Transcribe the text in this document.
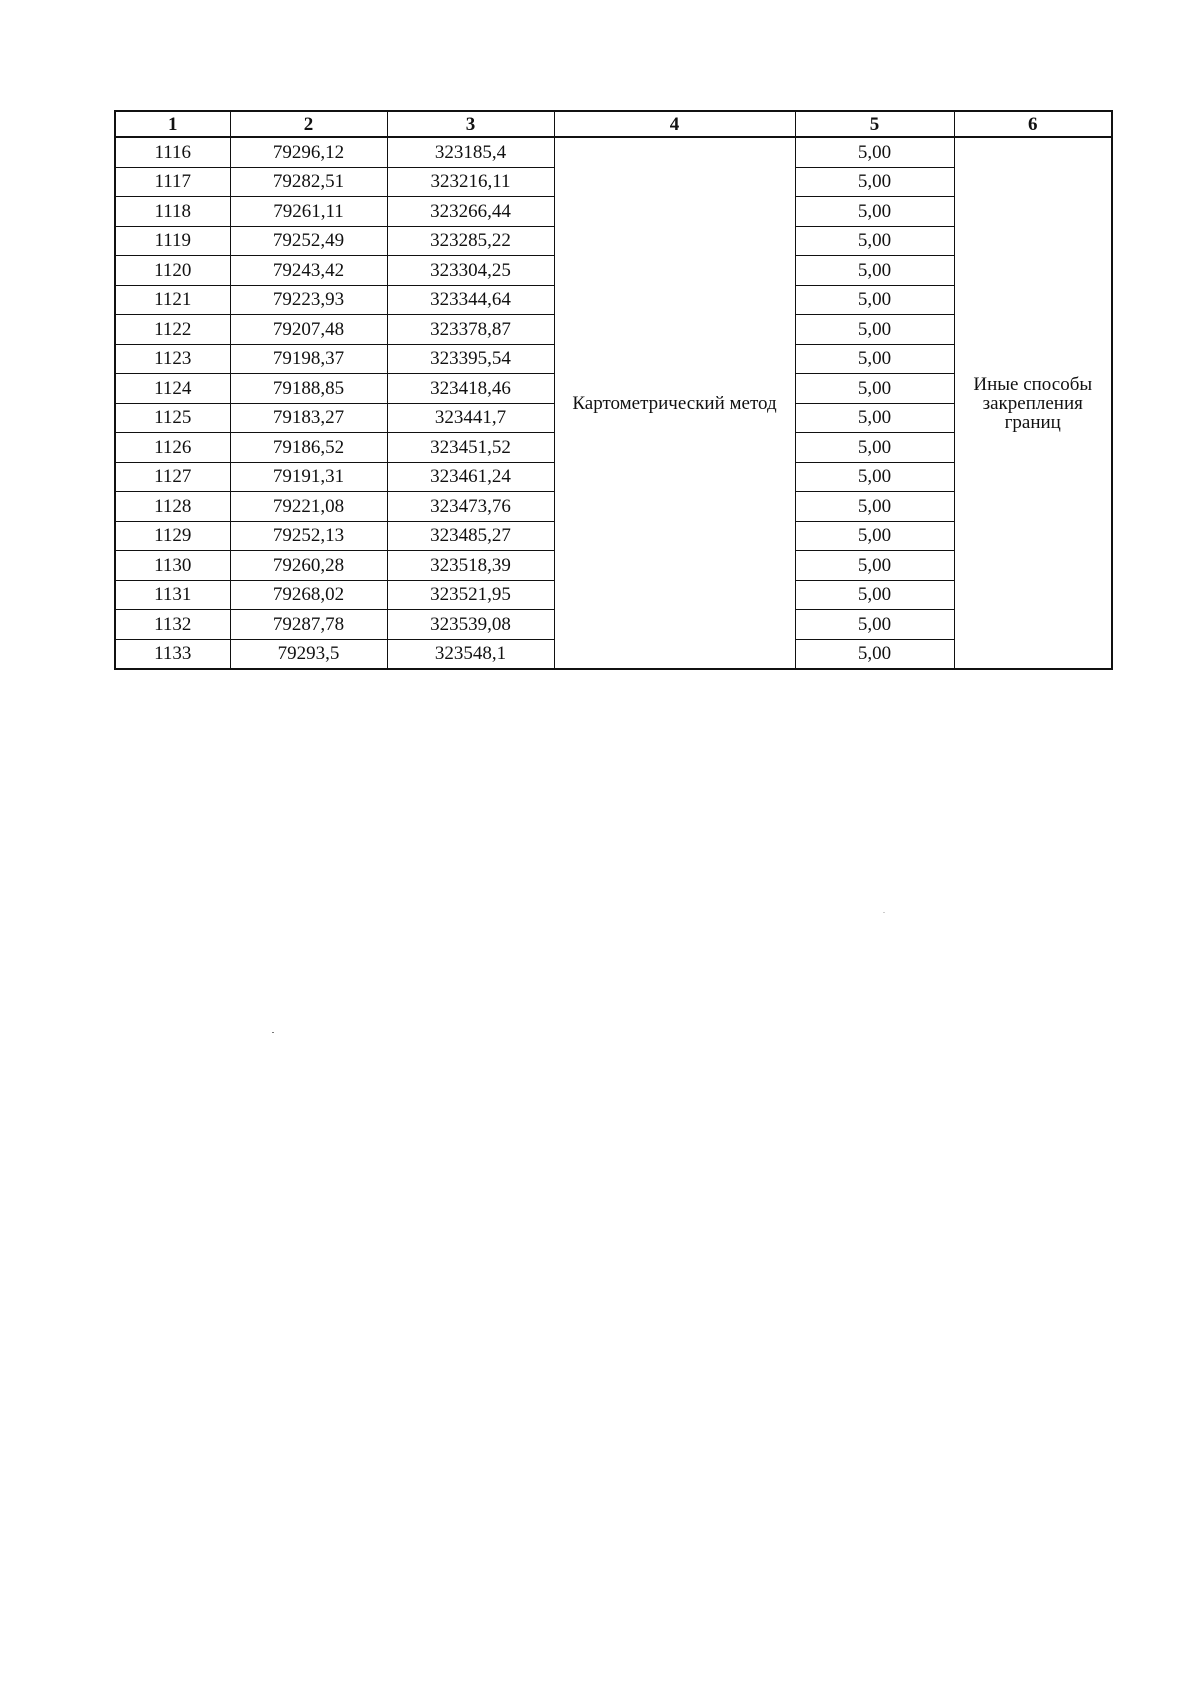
1	2	3	4	5	6
1116	79296,12	323185,4	Картометрический метод	5,00	Иные способы закрепления границ
1117	79282,51	323216,11		5,00	
1118	79261,11	323266,44		5,00	
1119	79252,49	323285,22		5,00	
1120	79243,42	323304,25		5,00	
1121	79223,93	323344,64		5,00	
1122	79207,48	323378,87		5,00	
1123	79198,37	323395,54		5,00	
1124	79188,85	323418,46		5,00	
1125	79183,27	323441,7		5,00	
1126	79186,52	323451,52		5,00	
1127	79191,31	323461,24		5,00	
1128	79221,08	323473,76		5,00	
1129	79252,13	323485,27		5,00	
1130	79260,28	323518,39		5,00	
1131	79268,02	323521,95		5,00	
1132	79287,78	323539,08		5,00	
1133	79293,5	323548,1		5,00	
